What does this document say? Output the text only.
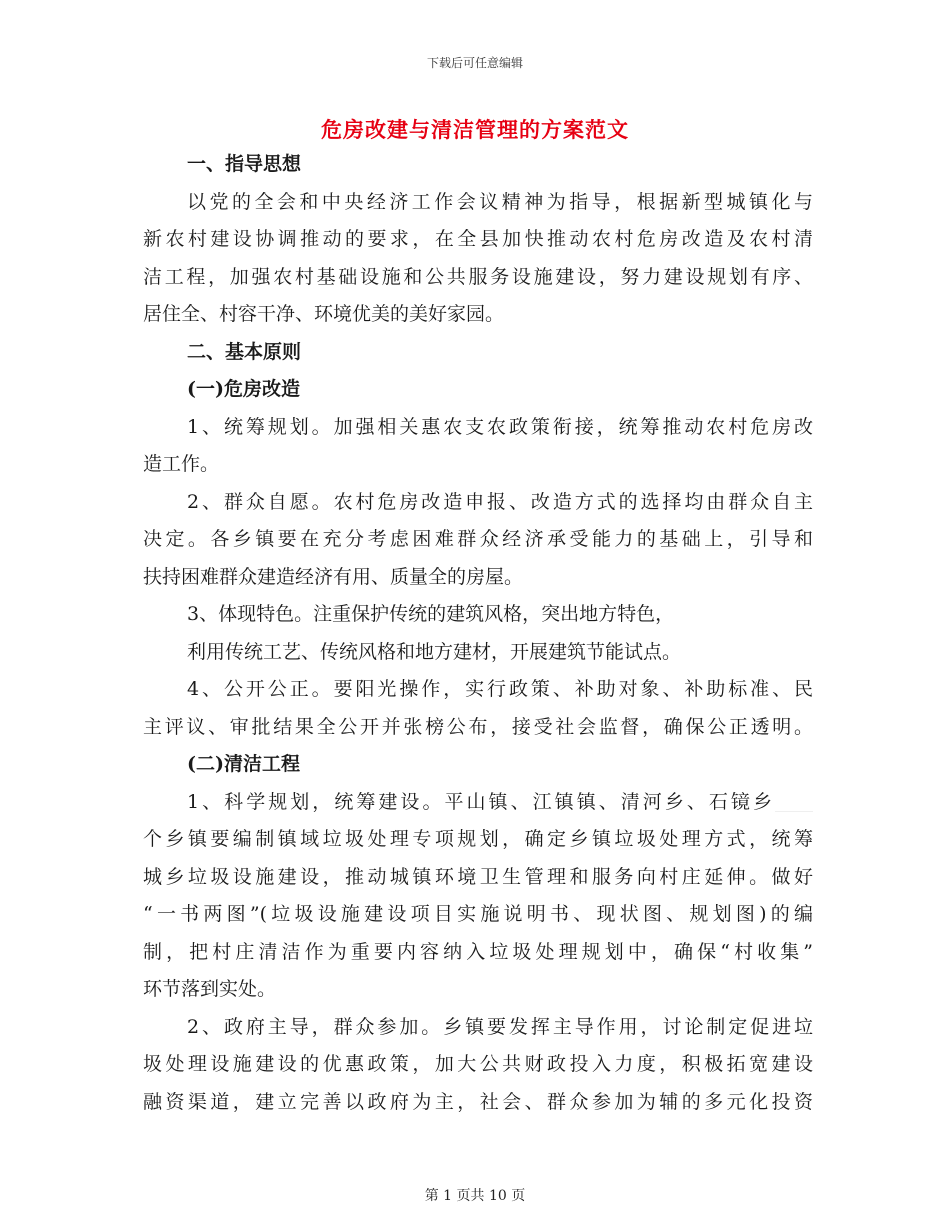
下载后可任意编辑
危房改建与清洁管理的方案范文
一、指导思想
以党的全会和中央经济工作会议精神为指导，根据新型城镇化与
新农村建设协调推动的要求，在全县加快推动农村危房改造及农村清
洁工程，加强农村基础设施和公共服务设施建设，努力建设规划有序、
居住全、村容干净、环境优美的美好家园。
二、基本原则
(一)危房改造
1、统筹规划。加强相关惠农支农政策衔接，统筹推动农村危房改
造工作。
2、群众自愿。农村危房改造申报、改造方式的选择均由群众自主
决定。各乡镇要在充分考虑困难群众经济承受能力的基础上，引导和
扶持困难群众建造经济有用、质量全的房屋。
3、体现特色。注重保护传统的建筑风格，突出地方特色，
利用传统工艺、传统风格和地方建材，开展建筑节能试点。
4、公开公正。要阳光操作，实行政策、补助对象、补助标准、民
主评议、审批结果全公开并张榜公布，接受社会监督，确保公正透明。
(二)清洁工程
1、科学规划，统筹建设。平山镇、江镇镇、清河乡、石镜乡____
个乡镇要编制镇域垃圾处理专项规划，确定乡镇垃圾处理方式，统筹
城乡垃圾设施建设，推动城镇环境卫生管理和服务向村庄延伸。做好
“一书两图”(垃圾设施建设项目实施说明书、现状图、规划图)的编
制，把村庄清洁作为重要内容纳入垃圾处理规划中，确保“村收集”
环节落到实处。
2、政府主导，群众参加。乡镇要发挥主导作用，讨论制定促进垃
圾处理设施建设的优惠政策，加大公共财政投入力度，积极拓宽建设
融资渠道，建立完善以政府为主，社会、群众参加为辅的多元化投资
第 1 页共 10 页
